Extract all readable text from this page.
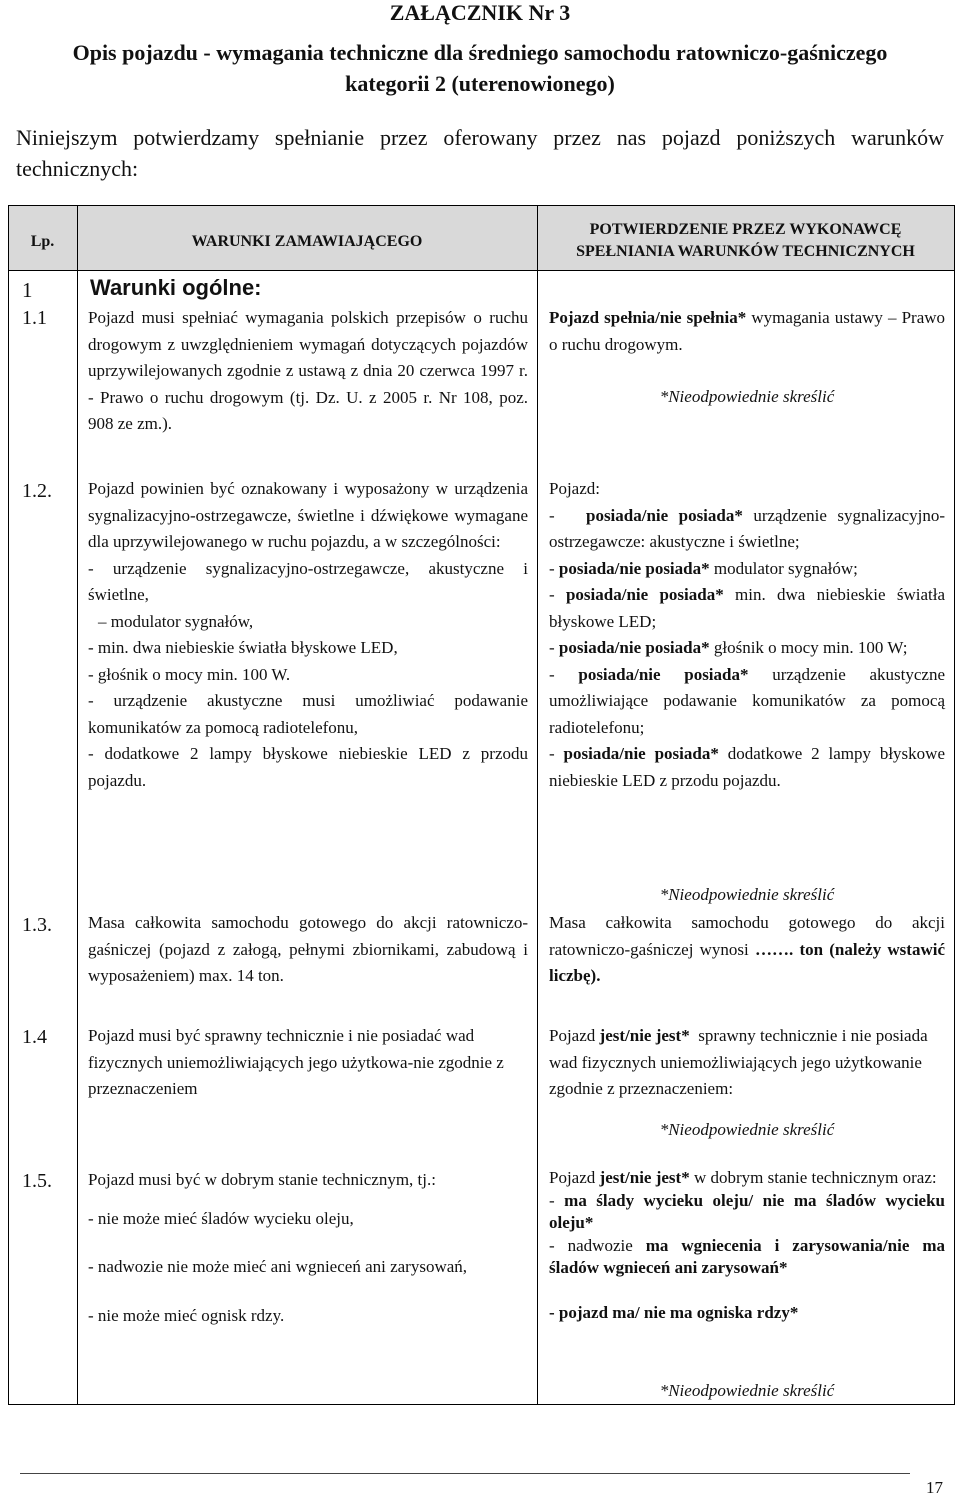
ZAŁĄCZNIK Nr 3
Opis pojazdu - wymagania techniczne dla średniego samochodu ratowniczo-gaśniczego
kategorii 2 (uterenowionego)
Niniejszym potwierdzamy spełnianie przez oferowany przez nas pojazd poniższych warunków technicznych:
Lp.	WARUNKI ZAMAWIAJĄCEGO
POTWIERDZENIE PRZEZ WYKONAWCĘ
SPEŁNIANIA WARUNKÓW TECHNICZNYCH
1	Warunki ogólne:
1.1 Pojazd musi spełniać wymagania polskich przepisów o ruchu drogowym z uwzględnieniem wymagań dotyczących pojazdów uprzywilejowanych zgodnie z ustawą z dnia 20 czerwca 1997 r. - Prawo o ruchu drogowym (tj. Dz. U. z 2005 r. Nr 108, poz. 908 ze zm.).

Pojazd spełnia/nie spełnia* wymagania ustawy – Prawo o ruchu drogowym.

*Nieodpowiednie skreślić

1.2. Pojazd powinien być oznakowany i wyposażony w urządzenia sygnalizacyjno-ostrzegawcze, świetlne i dźwiękowe wymagane dla uprzywilejowanego w ruchu pojazdu, a w szczególności:

- urządzenie sygnalizacyjno-ostrzegawcze, akustyczne i świetlne,

– modulator sygnałów,

- min. dwa niebieskie światła błyskowe LED,

- głośnik o mocy min. 100 W.

- urządzenie akustyczne musi umożliwiać podawanie komunikatów za pomocą radiotelefonu,

- dodatkowe 2 lampy błyskowe niebieskie LED z przodu pojazdu.

Pojazd:

- posiada/nie posiada* urządzenie sygnalizacyjno-ostrzegawcze: akustyczne i świetlne;

- posiada/nie posiada* modulator sygnałów;

- posiada/nie posiada* min. dwa niebieskie światła błyskowe LED;

- posiada/nie posiada* głośnik o mocy min. 100 W;

- posiada/nie posiada* urządzenie akustyczne umożliwiające podawanie komunikatów za pomocą radiotelefonu;

- posiada/nie posiada* dodatkowe 2 lampy błyskowe niebieskie LED z przodu pojazdu.

*Nieodpowiednie skreślić
1.3. Masa całkowita samochodu gotowego do akcji ratowniczo-gaśniczej (pojazd z załogą, pełnymi zbiornikami, zabudową i wyposażeniem) max. 14 ton.
Masa całkowita samochodu gotowego do akcji ratowniczo-gaśniczej wynosi ……. ton (należy wstawić liczbę).
1.4 Pojazd musi być sprawny technicznie i nie posiadać wad fizycznych uniemożliwiających jego użytkowa-nie zgodnie z przeznaczeniem

Pojazd jest/nie jest* sprawny technicznie i nie posiada wad fizycznych uniemożliwiających jego użytkowanie zgodnie z przeznaczeniem:

*Nieodpowiednie skreślić
1.5. Pojazd musi być w dobrym stanie technicznym, tj.:

- nie może mieć śladów wycieku oleju,

- nadwozie nie może mieć ani wgnieceń ani zarysowań,

- nie może mieć ognisk rdzy.

Pojazd jest/nie jest* w dobrym stanie technicznym oraz:

- ma ślady wycieku oleju/ nie ma śladów wycieku oleju*

- nadwozie ma wgniecenia i zarysowania/nie ma śladów wgnieceń ani zarysowań*

- pojazd ma/ nie ma ogniska rdzy*

*Nieodpowiednie skreślić
17
